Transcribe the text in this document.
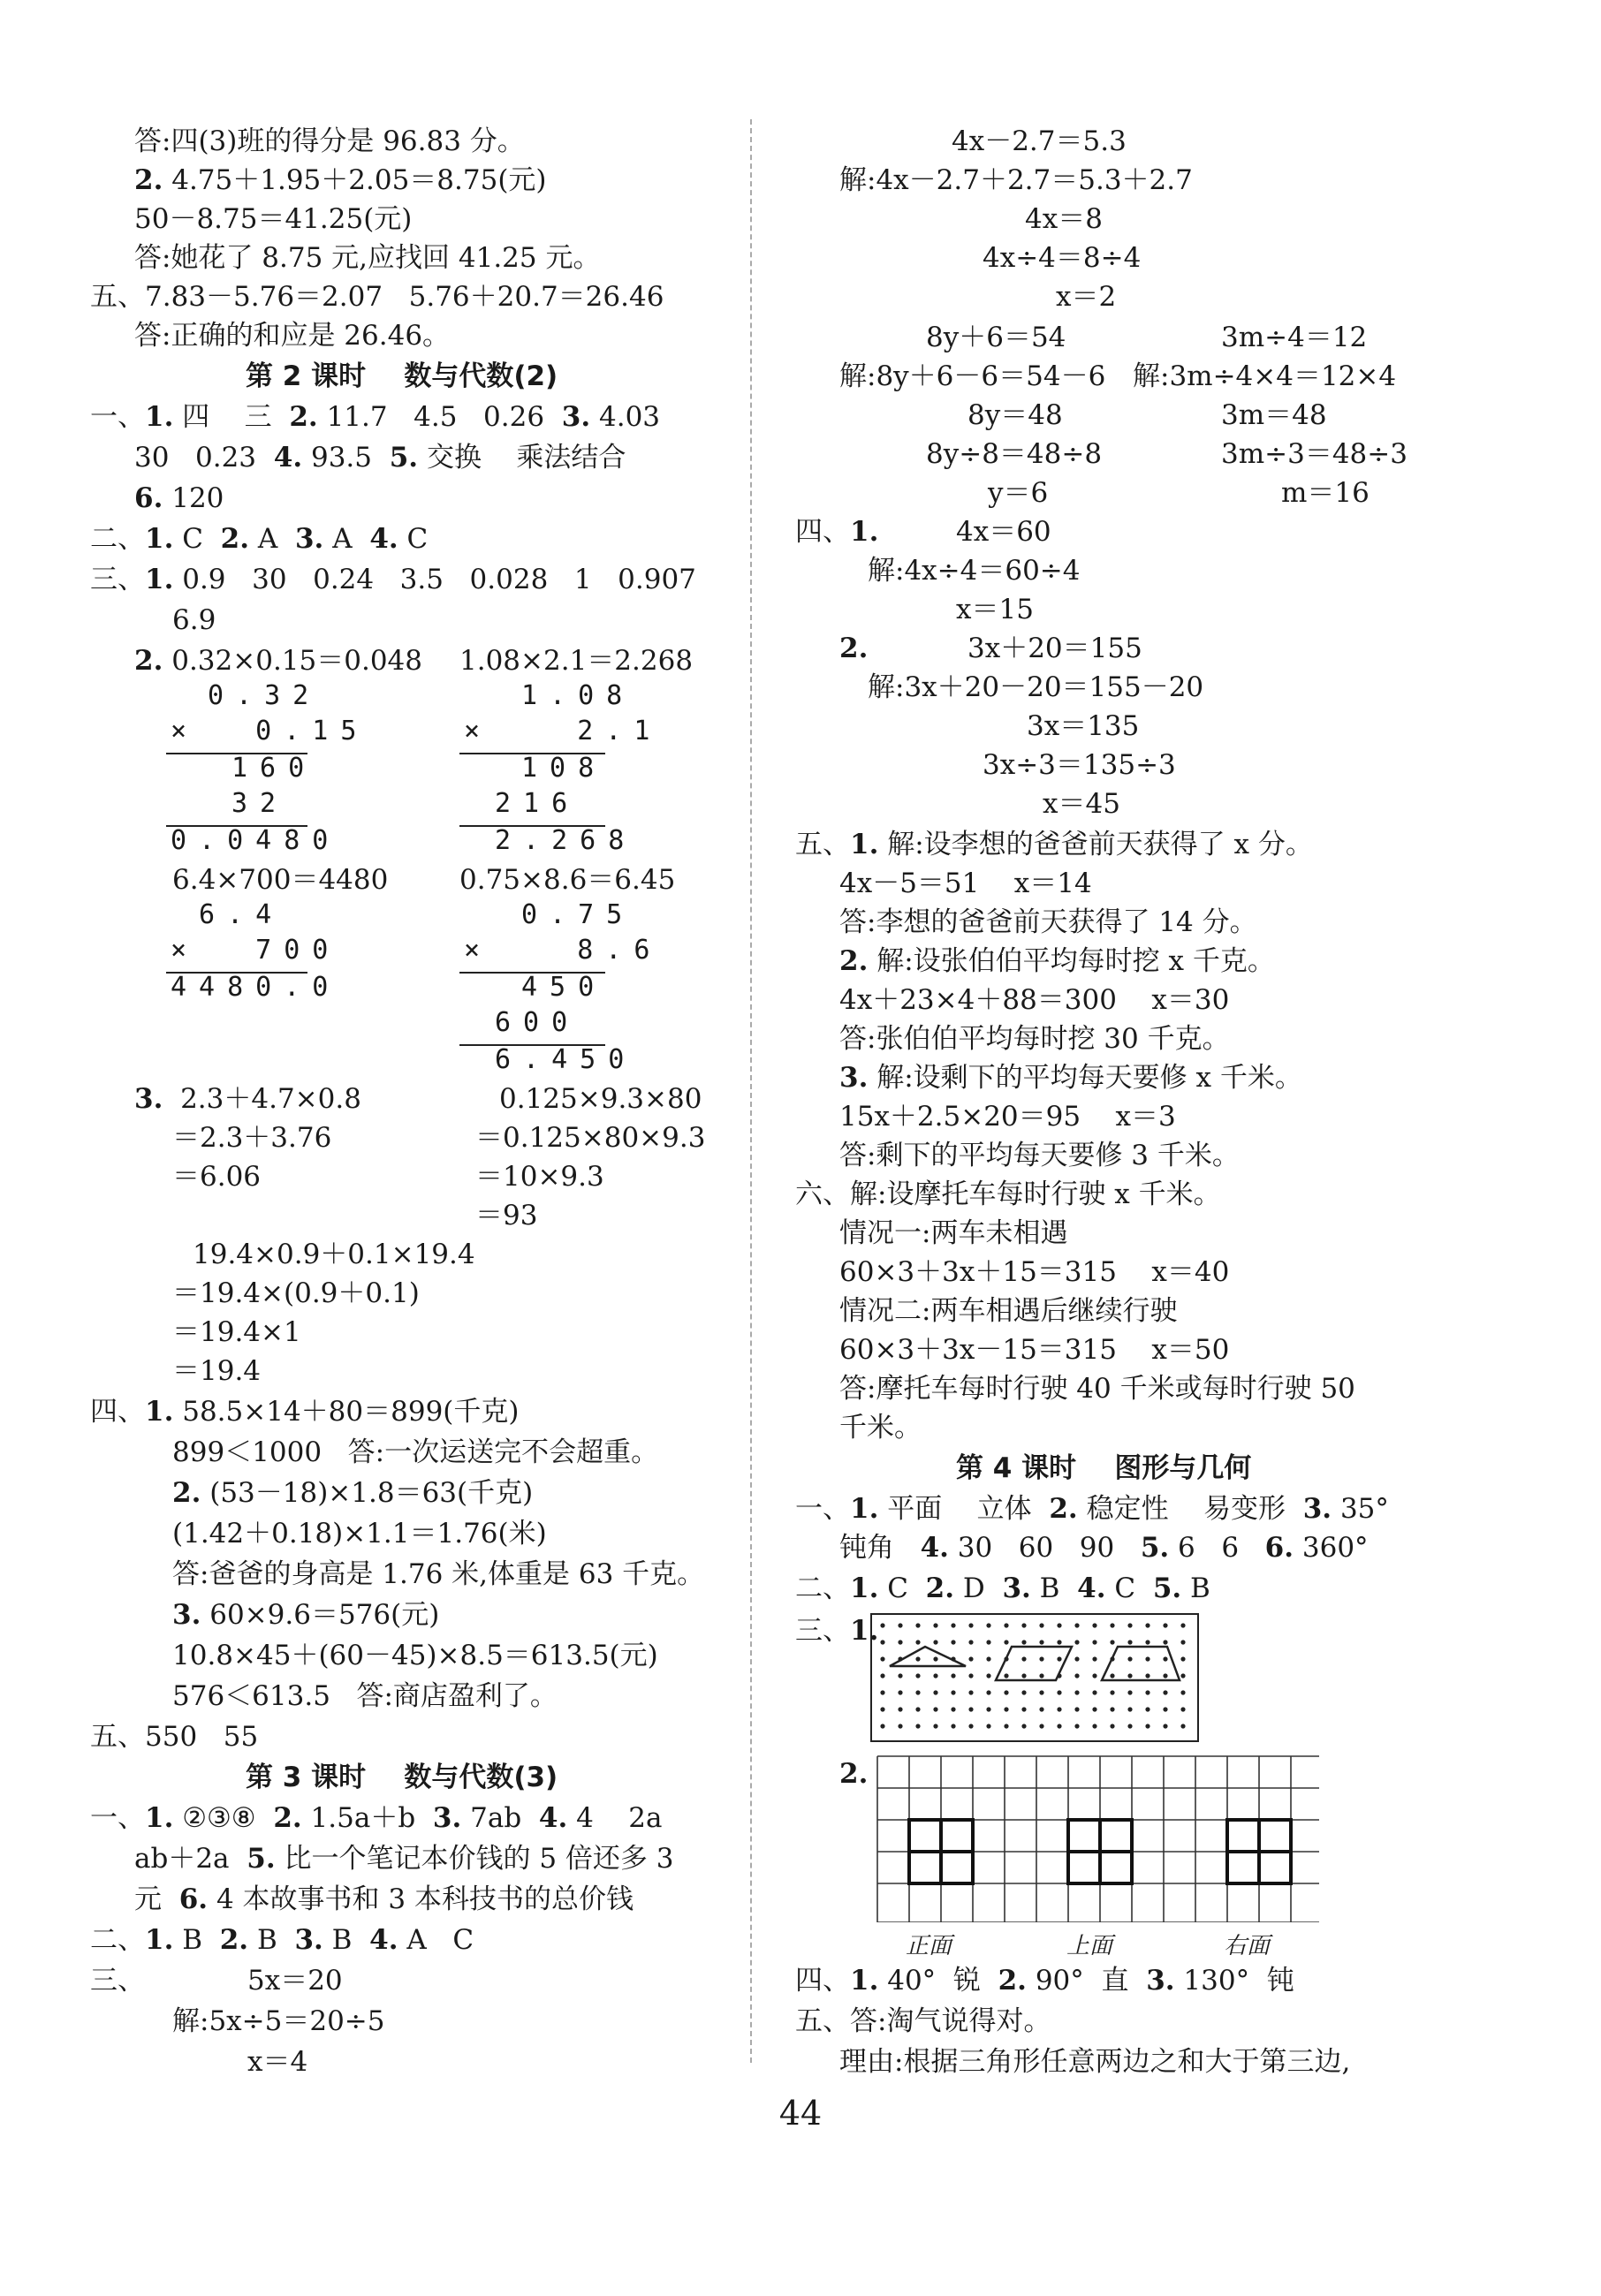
答:四(3)班的得分是 96.83 分。
2. 4.75＋1.95＋2.05＝8.75(元)
50－8.75＝41.25(元)
答:她花了 8.75 元,应找回 41.25 元。
五、7.83－5.76＝2.07   5.76＋20.7＝26.46
答:正确的和应是 26.46。
第 2 课时    数与代数(2)
一、1. 四    三  2. 11.7   4.5   0.26  3. 4.03
30   0.23  4. 93.5  5. 交换    乘法结合
6. 120
二、1. C  2. A  3. A  4. C
三、1. 0.9   30   0.24   3.5   0.028   1   0.907
6.9
2. 0.32×0.15＝0.048 1.08×2.1＝2.268
0.32
×  0.15
160
32
0.0480
1.08
×   2.1
108
216
2.268
6.4×700＝4480	0.75×8.6＝6.45
6.4
×  700
4480.0
0.75
×   8.6
450
600
6.450
3.  2.3＋4.7×0.8	0.125×9.3×80
＝2.3＋3.76	＝0.125×80×9.3
＝6.06	＝10×9.3
＝93
19.4×0.9＋0.1×19.4
＝19.4×(0.9＋0.1)
＝19.4×1
＝19.4
四、1. 58.5×14＋80＝899(千克)
899＜1000   答:一次运送完不会超重。
2. (53－18)×1.8＝63(千克)
(1.42＋0.18)×1.1＝1.76(米)
答:爸爸的身高是 1.76 米,体重是 63 千克。
3. 60×9.6＝576(元)
10.8×45＋(60－45)×8.5＝613.5(元)
576＜613.5   答:商店盈利了。
五、550   55
第 3 课时    数与代数(3)
一、1. ②③⑧  2. 1.5a＋b  3. 7ab  4. 4    2a
ab＋2a  5. 比一个笔记本价钱的 5 倍还多 3
元  6. 4 本故事书和 3 本科技书的总价钱
二、1. B  2. B  3. B  4. A   C
三、	5x＝20
解:5x÷5＝20÷5
x＝4
4x－2.7＝5.3
解:4x－2.7＋2.7＝5.3＋2.7
4x＝8
4x÷4＝8÷4
x＝2
8y＋6＝54	3m÷4＝12
解:8y＋6－6＝54－6 解:3m÷4×4＝12×4
8y＝48	3m＝48
8y÷8＝48÷8	3m÷3＝48÷3
y＝6	m＝16
四、1.	4x＝60
解:4x÷4＝60÷4
x＝15
2.	3x＋20＝155
解:3x＋20－20＝155－20
3x＝135
3x÷3＝135÷3
x＝45
五、1. 解:设李想的爸爸前天获得了 x 分。
4x－5＝51    x＝14
答:李想的爸爸前天获得了 14 分。
2. 解:设张伯伯平均每时挖 x 千克。
4x＋23×4＋88＝300    x＝30
答:张伯伯平均每时挖 30 千克。
3. 解:设剩下的平均每天要修 x 千米。
15x＋2.5×20＝95    x＝3
答:剩下的平均每天要修 3 千米。
六、解:设摩托车每时行驶 x 千米。
情况一:两车未相遇
60×3＋3x＋15＝315    x＝40
情况二:两车相遇后继续行驶
60×3＋3x－15＝315    x＝50
答:摩托车每时行驶 40 千米或每时行驶 50
千米。
第 4 课时    图形与几何
一、1. 平面    立体  2. 稳定性    易变形  3. 35°
钝角   4. 30   60   90   5. 6   6   6. 360°
二、1. C  2. D  3. B  4. C  5. B
三、1.
2.
正面	上面	右面
四、1. 40°  锐  2. 90°  直  3. 130°  钝
五、答:淘气说得对。
理由:根据三角形任意两边之和大于第三边,
44
